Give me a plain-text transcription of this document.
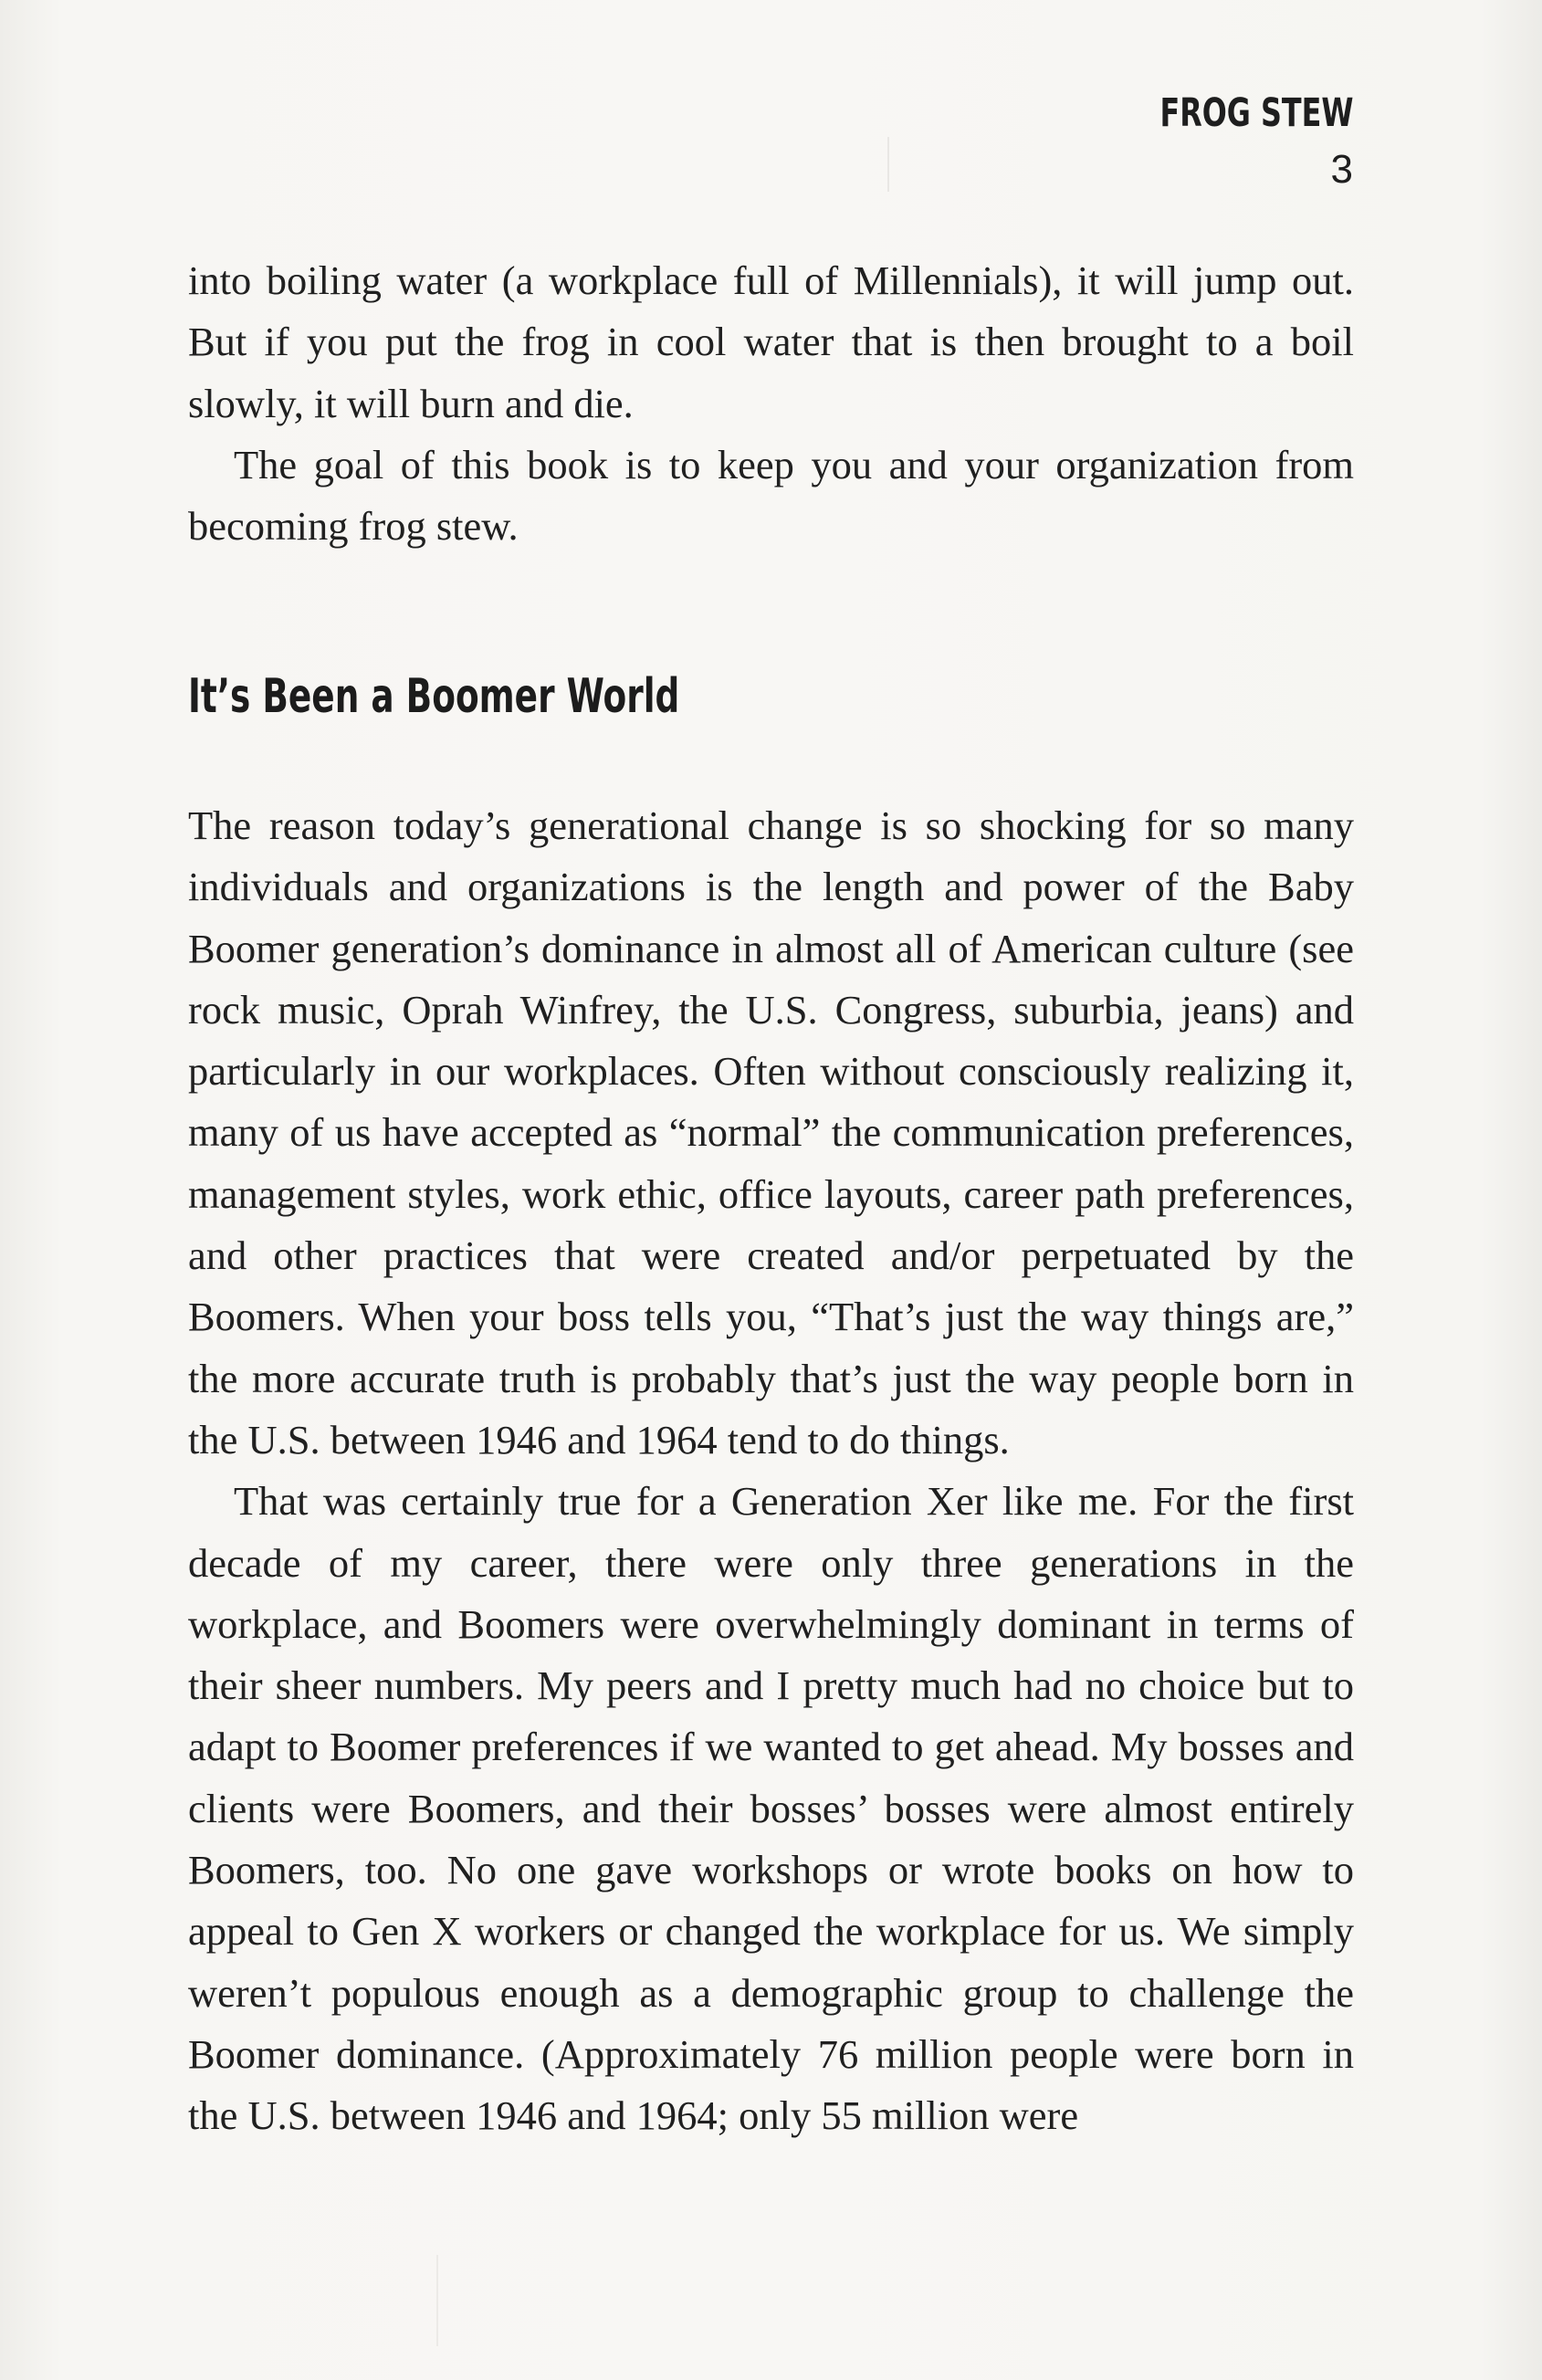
FROG STEW
3

into boiling water (a workplace full of Millennials), it will jump out. But if you put the frog in cool water that is then brought to a boil slowly, it will burn and die.

The goal of this book is to keep you and your organization from becoming frog stew.

It’s Been a Boomer World

The reason today’s generational change is so shocking for so many individuals and organizations is the length and power of the Baby Boomer generation’s dominance in almost all of American culture (see rock music, Oprah Winfrey, the U.S. Congress, suburbia, jeans) and particularly in our workplaces. Often without consciously realizing it, many of us have accepted as “normal” the communication preferences, management styles, work ethic, office layouts, career path preferences, and other practices that were created and/or perpetuated by the Boomers. When your boss tells you, “That’s just the way things are,” the more accurate truth is probably that’s just the way people born in the U.S. between 1946 and 1964 tend to do things.

That was certainly true for a Generation Xer like me. For the first decade of my career, there were only three generations in the workplace, and Boomers were overwhelmingly dominant in terms of their sheer numbers. My peers and I pretty much had no choice but to adapt to Boomer preferences if we wanted to get ahead. My bosses and clients were Boomers, and their bosses’ bosses were almost entirely Boomers, too. No one gave workshops or wrote books on how to appeal to Gen X workers or changed the workplace for us. We simply weren’t populous enough as a demographic group to challenge the Boomer dominance. (Approximately 76 million people were born in the U.S. between 1946 and 1964; only 55 million were
